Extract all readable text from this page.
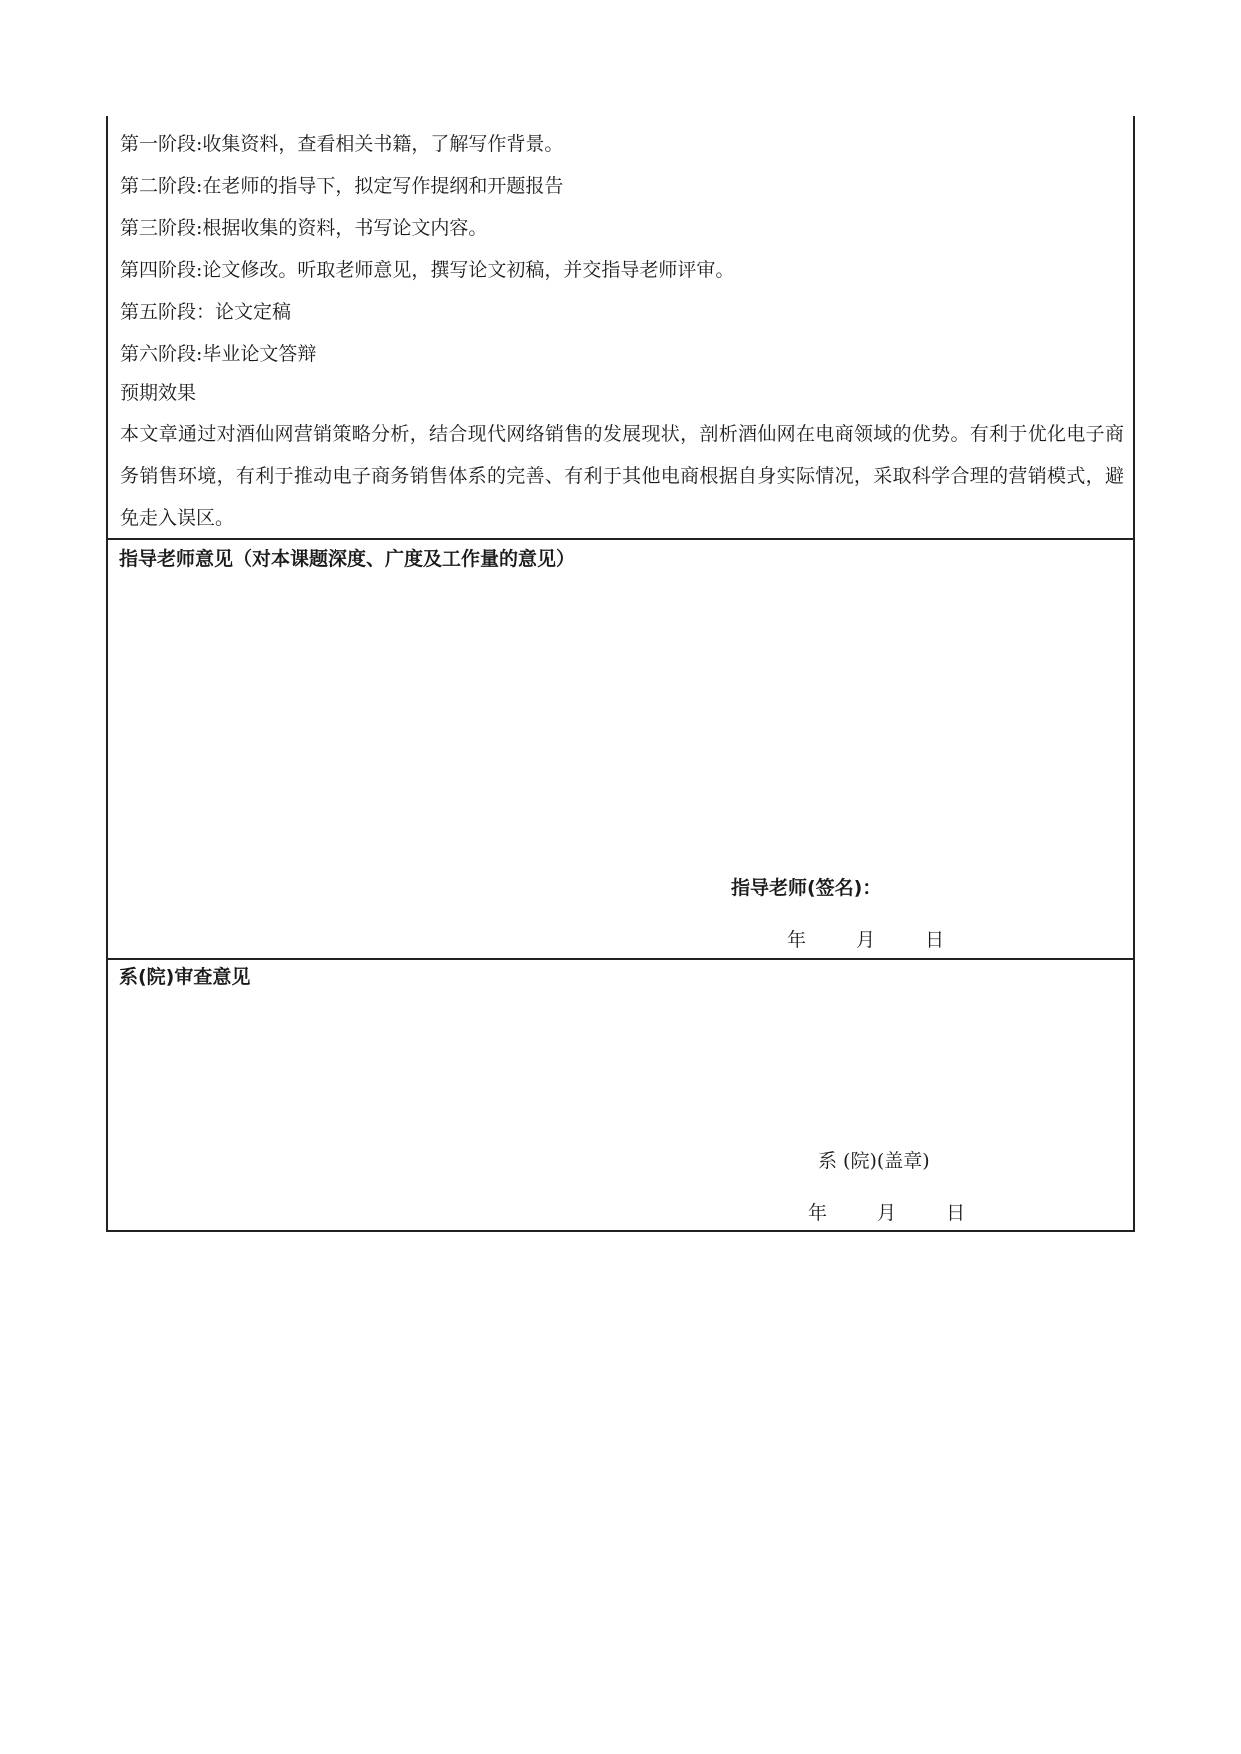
第一阶段:收集资料，查看相关书籍，了解写作背景。
第二阶段:在老师的指导下，拟定写作提纲和开题报告
第三阶段:根据收集的资料，书写论文内容。
第四阶段:论文修改。听取老师意见，撰写论文初稿，并交指导老师评审。
第五阶段：论文定稿
第六阶段:毕业论文答辩
预期效果
本文章通过对酒仙网营销策略分析，结合现代网络销售的发展现状，剖析酒仙网在电商领域的优势。有利于优化电子商务销售环境，有利于推动电子商务销售体系的完善、有利于其他电商根据自身实际情况，采取科学合理的营销模式，避免走入误区。
指导老师意见（对本课题深度、广度及工作量的意见）
指导老师(签名)：
年	月	日
系(院)审查意见
系 (院)(盖章)
年	月	日
